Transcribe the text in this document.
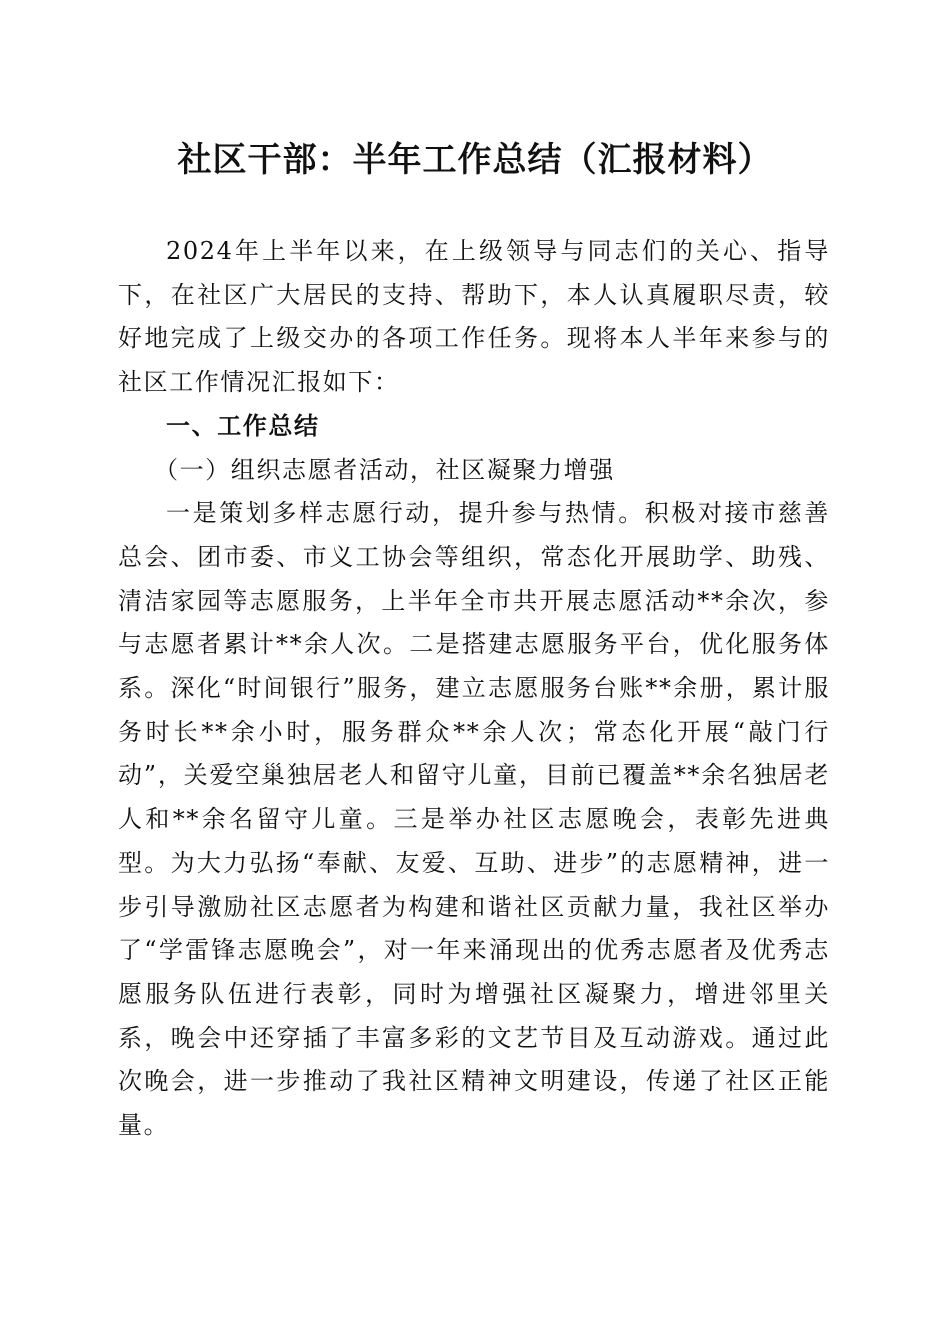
社区干部：半年工作总结（汇报材料）

2024年上半年以来，在上级领导与同志们的关心、指导下，在社区广大居民的支持、帮助下，本人认真履职尽责，较好地完成了上级交办的各项工作任务。现将本人半年来参与的社区工作情况汇报如下：

一、工作总结

（一）组织志愿者活动，社区凝聚力增强

一是策划多样志愿行动，提升参与热情。积极对接市慈善总会、团市委、市义工协会等组织，常态化开展助学、助残、清洁家园等志愿服务，上半年全市共开展志愿活动**余次，参与志愿者累计**余人次。二是搭建志愿服务平台，优化服务体系。深化“时间银行”服务，建立志愿服务台账**余册，累计服务时长**余小时，服务群众**余人次；常态化开展“敲门行动”，关爱空巢独居老人和留守儿童，目前已覆盖**余名独居老人和**余名留守儿童。三是举办社区志愿晚会，表彰先进典型。为大力弘扬“奉献、友爱、互助、进步”的志愿精神，进一步引导激励社区志愿者为构建和谐社区贡献力量，我社区举办了“学雷锋志愿晚会”，对一年来涌现出的优秀志愿者及优秀志愿服务队伍进行表彰，同时为增强社区凝聚力，增进邻里关系，晚会中还穿插了丰富多彩的文艺节目及互动游戏。通过此次晚会，进一步推动了我社区精神文明建设，传递了社区正能量。
